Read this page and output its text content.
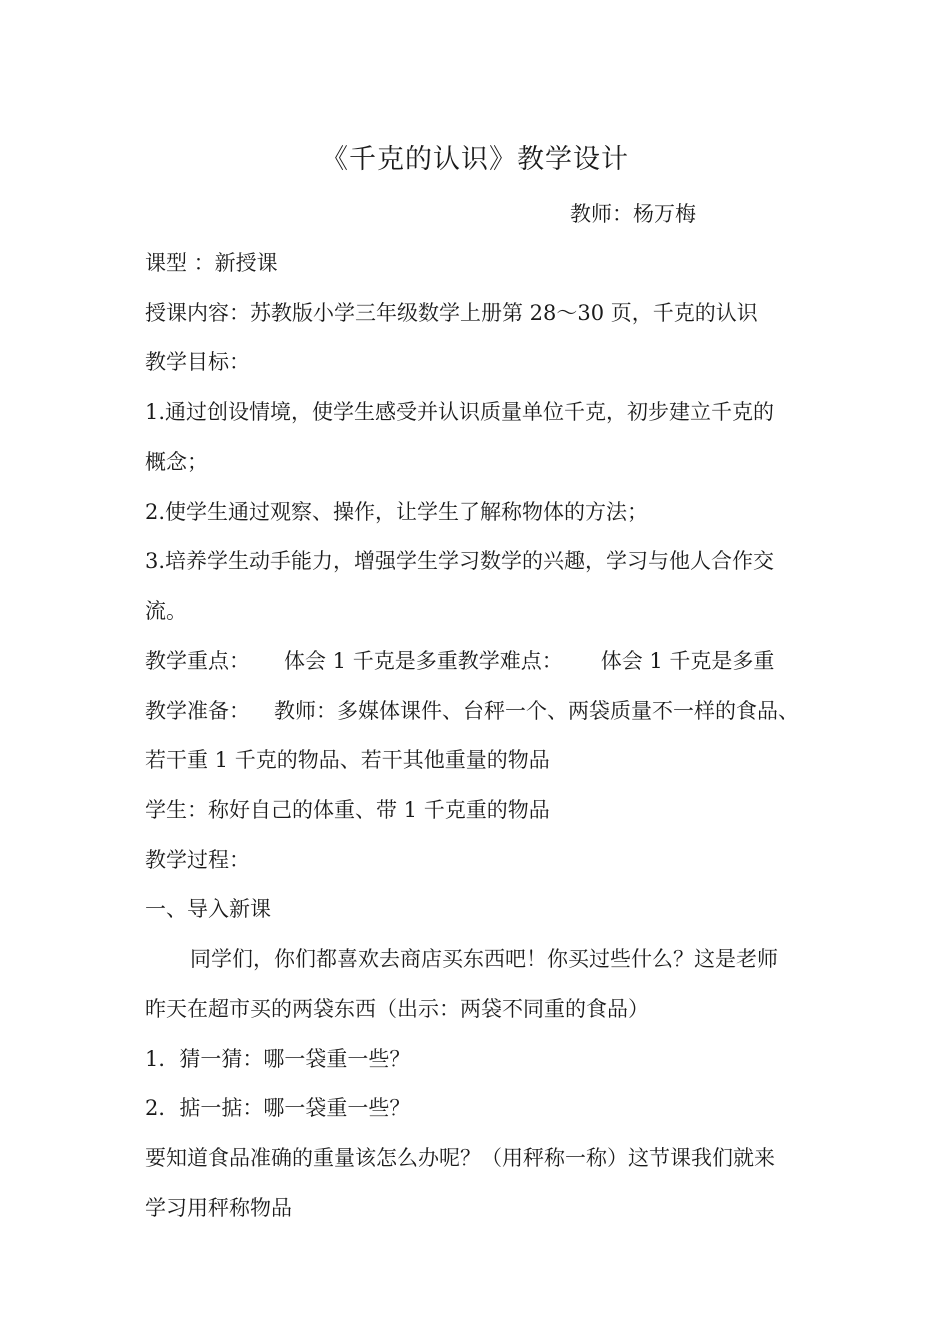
《千克的认识》教学设计
教师：杨万梅
课型 ：新授课
授课内容：苏教版小学三年级数学上册第 28～30 页，千克的认识
教学目标：
1.通过创设情境，使学生感受并认识质量单位千克，初步建立千克的
概念；
2.使学生通过观察、操作，让学生了解称物体的方法；
3.培养学生动手能力，增强学生学习数学的兴趣，学习与他人合作交
流。
教学重点： 体会 1 千克是多重教学难点： 体会 1 千克是多重
教学准备： 教师：多媒体课件、台秤一个、两袋质量不一样的食品、
若干重 1 千克的物品、若干其他重量的物品
学生：称好自己的体重、带 1 千克重的物品
教学过程：
一、导入新课
同学们，你们都喜欢去商店买东西吧！你买过些什么？这是老师
昨天在超市买的两袋东西（出示：两袋不同重的食品）
1．猜一猜：哪一袋重一些？
2．掂一掂：哪一袋重一些？
要知道食品准确的重量该怎么办呢？（用秤称一称）这节课我们就来
学习用秤称物品
